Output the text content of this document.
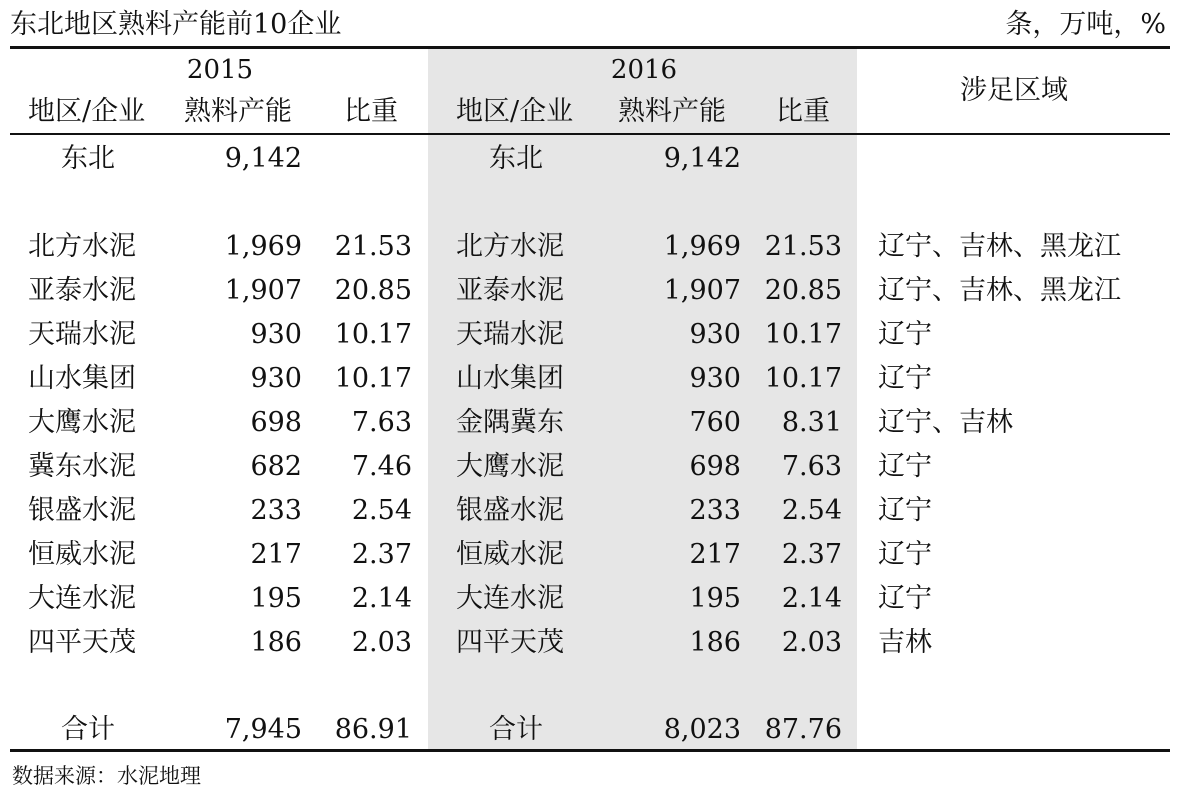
东北地区熟料产能前10企业	条，万吨，%
2015	2016
地区/企业 熟料产能 比重 地区/企业 熟料产能 比重
涉足区域
东北	9,142	东北	9,142
北方水泥	1,969	21.53 北方水泥	1,969 21.53 辽宁、吉林、黑龙江
亚泰水泥	1,907	20.85 亚泰水泥	1,907 20.85 辽宁、吉林、黑龙江
天瑞水泥	930	10.17 天瑞水泥	930 10.17 辽宁
山水集团	930	10.17 山水集团	930 10.17 辽宁
大鹰水泥	698	7.63 金隅冀东	760	8.31 辽宁、吉林
冀东水泥	682	7.46 大鹰水泥	698	7.63 辽宁
银盛水泥	233	2.54 银盛水泥	233	2.54 辽宁
恒威水泥	217	2.37 恒威水泥	217	2.37 辽宁
大连水泥	195	2.14 大连水泥	195	2.14 辽宁
四平天茂	186	2.03 四平天茂	186	2.03 吉林
合计	7,945	86.91	合计	8,023 87.76
数据来源：水泥地理
